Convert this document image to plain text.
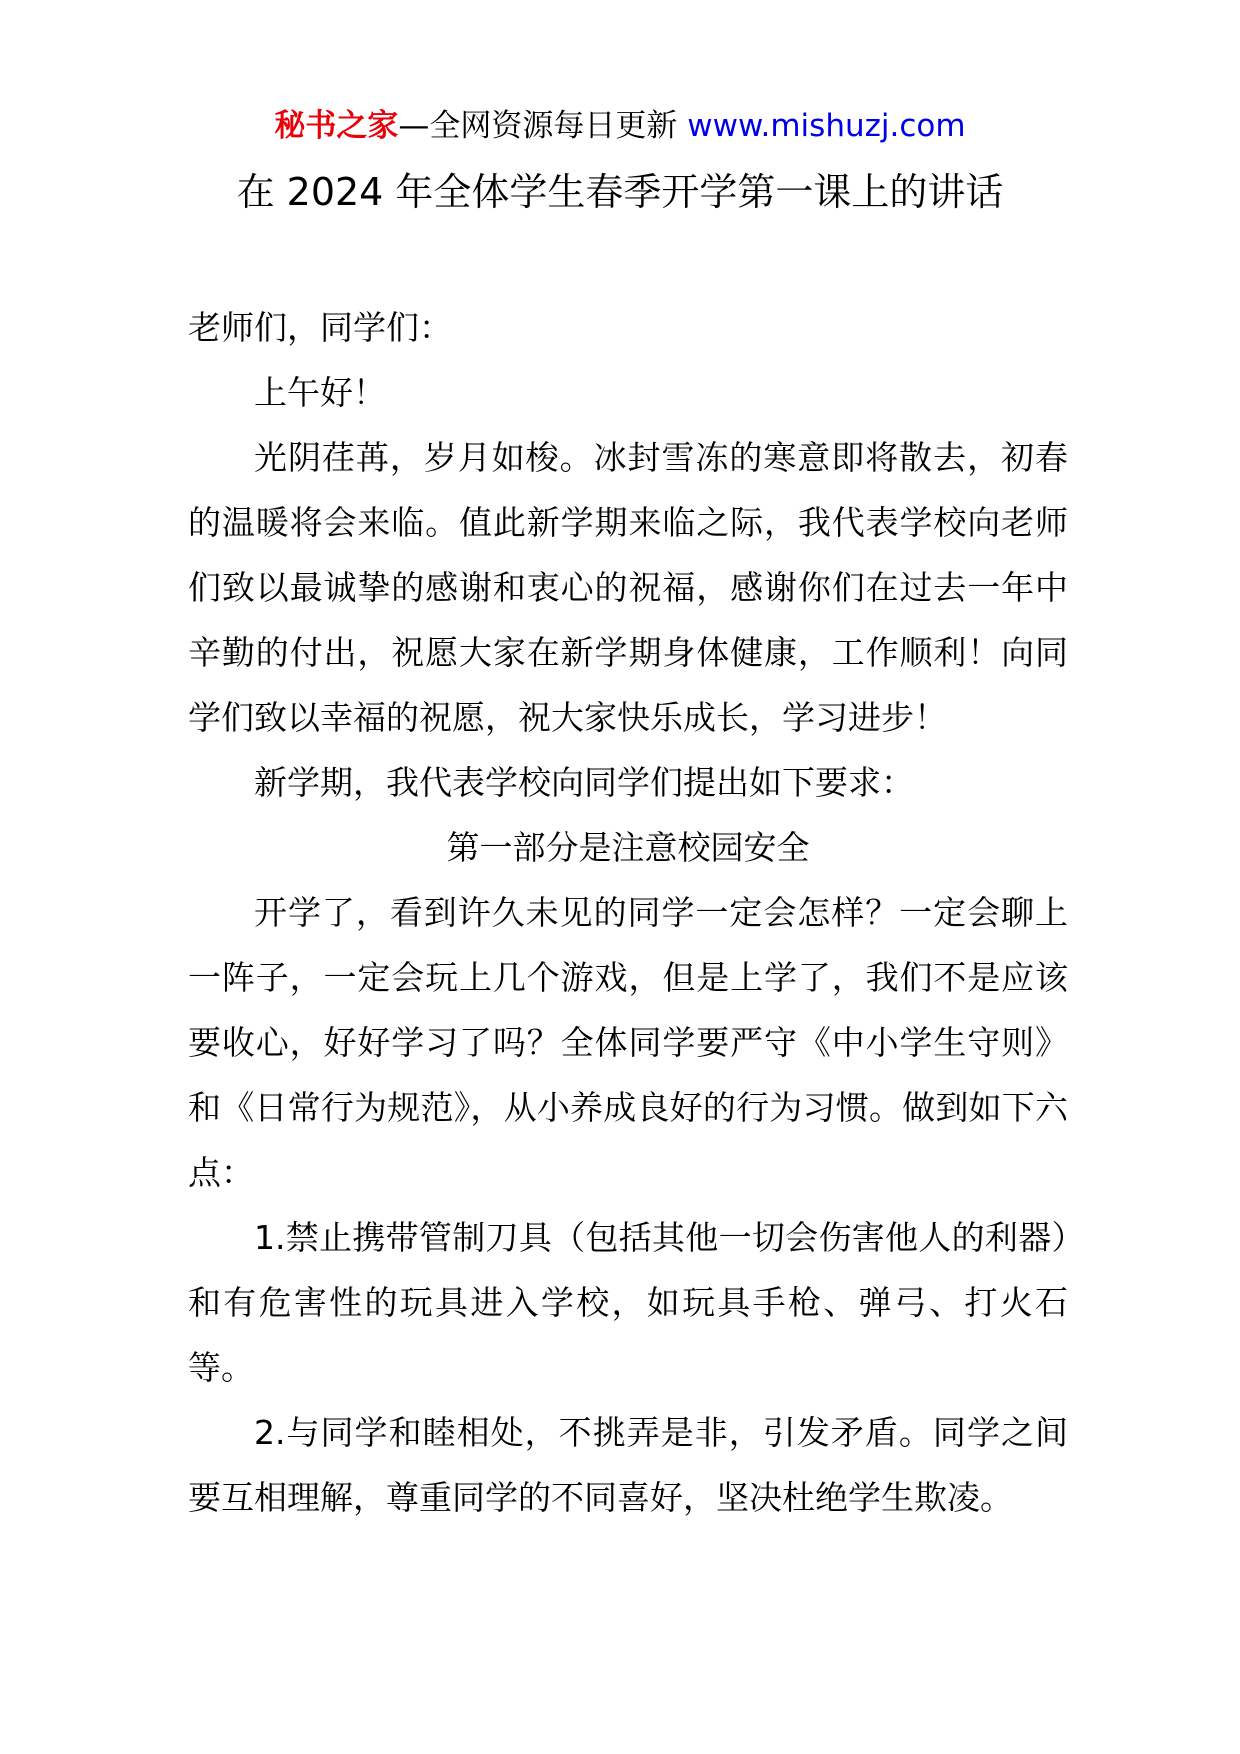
秘书之家—全网资源每日更新 www.mishuzj.com
在 2024 年全体学生春季开学第一课上的讲话

老师们，同学们：

上午好！

光阴荏苒，岁月如梭。冰封雪冻的寒意即将散去，初春的温暖将会来临。值此新学期来临之际，我代表学校向老师们致以最诚挚的感谢和衷心的祝福，感谢你们在过去一年中辛勤的付出，祝愿大家在新学期身体健康，工作顺利！向同学们致以幸福的祝愿，祝大家快乐成长，学习进步！

新学期，我代表学校向同学们提出如下要求：

第一部分是注意校园安全

开学了，看到许久未见的同学一定会怎样？一定会聊上一阵子，一定会玩上几个游戏，但是上学了，我们不是应该要收心，好好学习了吗？全体同学要严守《中小学生守则》和《日常行为规范》，从小养成良好的行为习惯。做到如下六点：

1.禁止携带管制刀具（包括其他一切会伤害他人的利器）和有危害性的玩具进入学校，如玩具手枪、弹弓、打火石等。

2.与同学和睦相处，不挑弄是非，引发矛盾。同学之间要互相理解，尊重同学的不同喜好，坚决杜绝学生欺凌。
